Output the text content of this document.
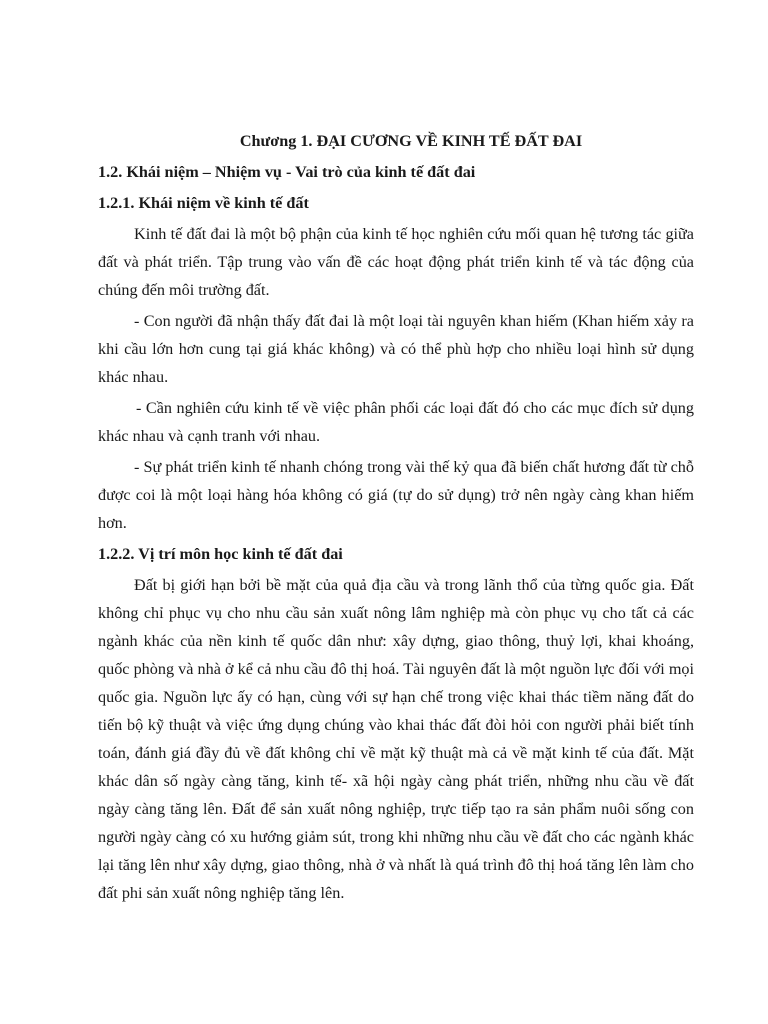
Chương 1. ĐẠI CƯƠNG VỀ KINH TẾ ĐẤT ĐAI
1.2. Khái niệm – Nhiệm vụ - Vai trò của kinh tế đất đai
1.2.1. Khái niệm về kinh tế đất

Kinh tế đất đai là một bộ phận của kinh tế học nghiên cứu mối quan hệ tương tác giữa đất và phát triển. Tập trung vào vấn đề các hoạt động phát triển kinh tế và tác động của chúng đến môi trường đất.

- Con người đã nhận thấy đất đai là một loại tài nguyên khan hiếm (Khan hiếm xảy ra khi cầu lớn hơn cung tại giá khác không) và có thể phù hợp cho nhiều loại hình sử dụng khác nhau.

- Cần nghiên cứu kinh tế về việc phân phối các loại đất đó cho các mục đích sử dụng khác nhau và cạnh tranh với nhau.

- Sự phát triển kinh tế nhanh chóng trong vài thế kỷ qua đã biến chất hương đất từ chỗ được coi là một loại hàng hóa không có giá (tự do sử dụng) trở nên ngày càng khan hiếm hơn.

1.2.2. Vị trí môn học kinh tế đất đai

Đất bị giới hạn bởi bề mặt của quả địa cầu và trong lãnh thổ của từng quốc gia. Đất không chỉ phục vụ cho nhu cầu sản xuất nông lâm nghiệp mà còn phục vụ cho tất cả các ngành khác của nền kinh tế quốc dân như: xây dựng, giao thông, thuỷ lợi, khai khoáng, quốc phòng và nhà ở kể cả nhu cầu đô thị hoá. Tài nguyên đất là một nguồn lực đối với mọi quốc gia. Nguồn lực ấy có hạn, cùng với sự hạn chế trong việc khai thác tiềm năng đất do tiến bộ kỹ thuật và việc ứng dụng chúng vào khai thác đất đòi hỏi con người phải biết tính toán, đánh giá đầy đủ về đất không chỉ về mặt kỹ thuật mà cả về mặt kinh tế của đất. Mặt khác dân số ngày càng tăng, kinh tế- xã hội ngày càng phát triển, những nhu cầu về đất ngày càng tăng lên. Đất để sản xuất nông nghiệp, trực tiếp tạo ra sản phẩm nuôi sống con người ngày càng có xu hướng giảm sút, trong khi những nhu cầu về đất cho các ngành khác lại tăng lên như xây dựng, giao thông, nhà ở và nhất là quá trình đô thị hoá tăng lên làm cho đất phi sản xuất nông nghiệp tăng lên.
